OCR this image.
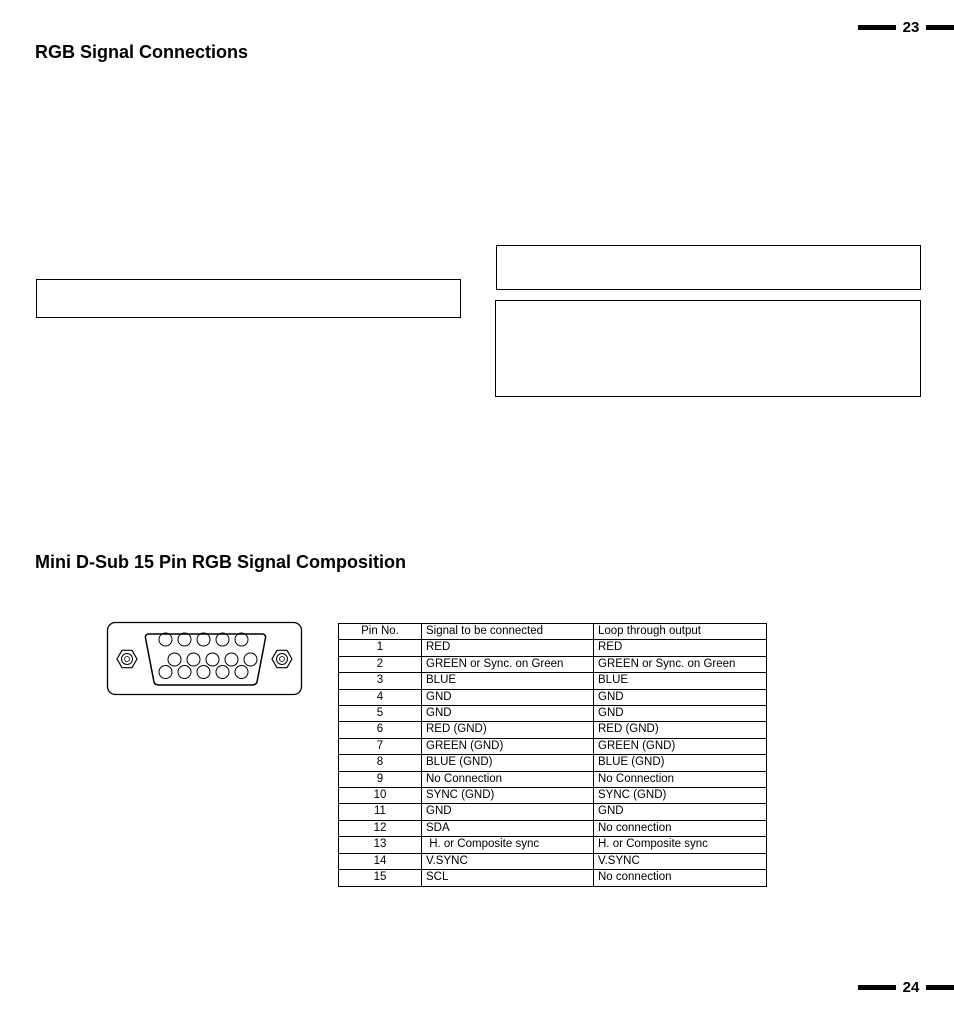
23
RGB Signal Connections
Mini D-Sub 15 Pin RGB Signal Composition
Pin No.	Signal to be connected	Loop through output
1	RED	RED
2	GREEN or Sync. on Green	GREEN or Sync. on Green
3	BLUE	BLUE
4	GND	GND
5	GND	GND
6	RED (GND)	RED (GND)
7	GREEN (GND)	GREEN (GND)
8	BLUE (GND)	BLUE (GND)
9	No Connection	No Connection
10	SYNC (GND)	SYNC (GND)
11	GND	GND
12	SDA	No connection
13	H. or Composite sync	H. or Composite sync
14	V.SYNC	V.SYNC
15	SCL	No connection
24
